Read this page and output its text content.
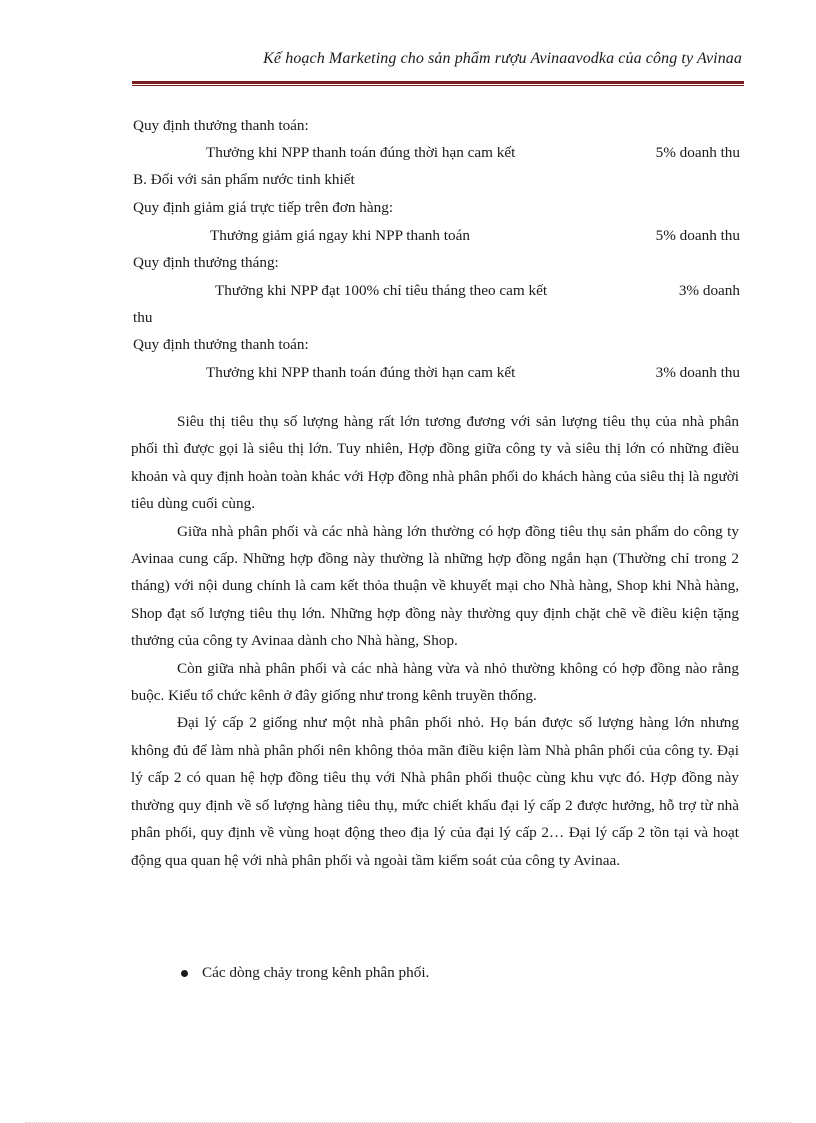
Kế hoạch Marketing cho sản phẩm rượu Avinaavodka của công ty Avinaa
Quy định thưởng thanh toán:
Thưởng khi NPP thanh toán đúng thời hạn cam kết	5% doanh thu
B. Đối với sản phẩm nước tinh khiết
Quy định giảm giá trực tiếp trên đơn hàng:
Thưởng giảm giá ngay khi NPP thanh toán	5% doanh thu
Quy định thưởng tháng:
Thưởng khi NPP đạt 100% chỉ tiêu tháng theo cam kết	3% doanh
thu
Quy định thưởng thanh toán:
Thưởng khi NPP thanh toán đúng thời hạn cam kết	3% doanh thu
Siêu thị tiêu thụ số lượng hàng rất lớn tương đương với sản lượng tiêu thụ của nhà phân phối thì được gọi là siêu thị lớn. Tuy nhiên, Hợp đồng giữa công ty và siêu thị lớn có những điều khoản và quy định hoàn toàn khác với Hợp đồng nhà phân phối do khách hàng của siêu thị là người tiêu dùng cuối cùng.
Giữa nhà phân phối và các nhà hàng lớn thường có hợp đồng tiêu thụ sản phẩm do công ty Avinaa cung cấp. Những hợp đồng này thường là những hợp đồng ngắn hạn (Thường chỉ trong 2 tháng) với nội dung chính là cam kết thỏa thuận về khuyết mại cho Nhà hàng, Shop khi Nhà hàng, Shop đạt số lượng tiêu thụ lớn. Những hợp đồng này thường quy định chặt chẽ về điều kiện tặng thưởng của công ty Avinaa dành cho Nhà hàng, Shop.
Còn giữa nhà phân phối và các nhà hàng vừa và nhỏ thường không có hợp đồng nào rằng buộc. Kiểu tổ chức kênh ở đây giống như trong kênh truyền thống.
Đại lý cấp 2 giống như một nhà phân phối nhỏ. Họ bán được số lượng hàng lớn nhưng không đủ để làm nhà phân phối nên không thỏa mãn điều kiện làm Nhà phân phối của công ty. Đại lý cấp 2 có quan hệ hợp đồng tiêu thụ với Nhà phân phối thuộc cùng khu vực đó. Hợp đồng này thường quy định về số lượng hàng tiêu thụ, mức chiết khấu đại lý cấp 2 được hưởng, hỗ trợ từ nhà phân phối, quy định về vùng hoạt động theo địa lý của đại lý cấp 2… Đại lý cấp 2 tồn tại và hoạt động qua quan hệ với nhà phân phối và ngoài tầm kiểm soát của công ty Avinaa.
Các dòng chảy trong kênh phân phối.
